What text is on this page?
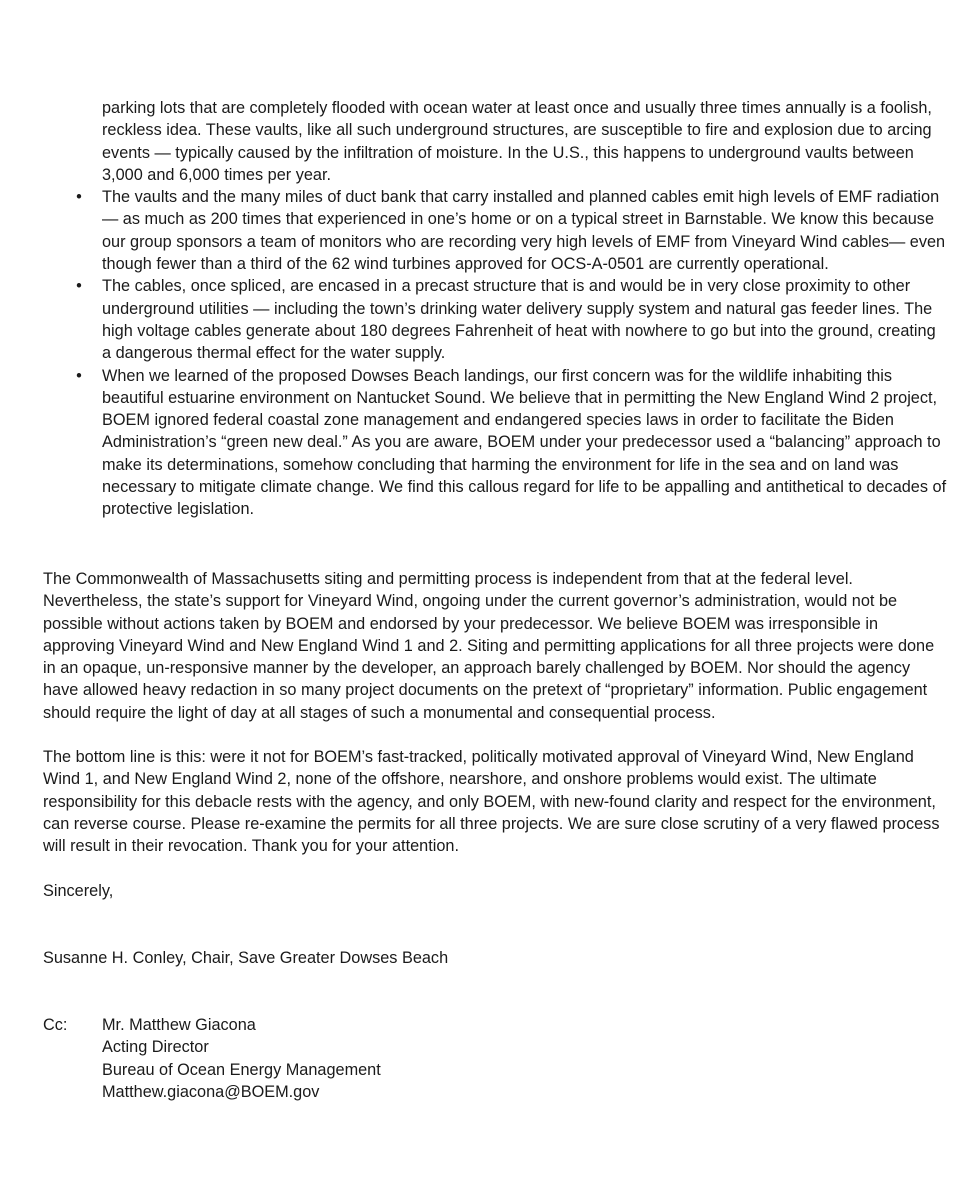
parking lots that are completely flooded with ocean water at least once and usually three times annually is a foolish, reckless idea. These vaults, like all such underground structures, are susceptible to fire and explosion due to arcing events — typically caused by the infiltration of moisture. In the U.S., this happens to underground vaults between 3,000 and 6,000 times per year.

• The vaults and the many miles of duct bank that carry installed and planned cables emit high levels of EMF radiation — as much as 200 times that experienced in one’s home or on a typical street in Barnstable. We know this because our group sponsors a team of monitors who are recording very high levels of EMF from Vineyard Wind cables— even though fewer than a third of the 62 wind turbines approved for OCS-A-0501 are currently operational.

• The cables, once spliced, are encased in a precast structure that is and would be in very close proximity to other underground utilities — including the town’s drinking water delivery supply system and natural gas feeder lines. The high voltage cables generate about 180 degrees Fahrenheit of heat with nowhere to go but into the ground, creating a dangerous thermal effect for the water supply.

• When we learned of the proposed Dowses Beach landings, our first concern was for the wildlife inhabiting this beautiful estuarine environment on Nantucket Sound. We believe that in permitting the New England Wind 2 project, BOEM ignored federal coastal zone management and endangered species laws in order to facilitate the Biden Administration’s “green new deal.” As you are aware, BOEM under your predecessor used a “balancing” approach to make its determinations, somehow concluding that harming the environment for life in the sea and on land was necessary to mitigate climate change. We find this callous regard for life to be appalling and antithetical to decades of protective legislation.

The Commonwealth of Massachusetts siting and permitting process is independent from that at the federal level. Nevertheless, the state’s support for Vineyard Wind, ongoing under the current governor’s administration, would not be possible without actions taken by BOEM and endorsed by your predecessor. We believe BOEM was irresponsible in approving Vineyard Wind and New England Wind 1 and 2. Siting and permitting applications for all three projects were done in an opaque, un-responsive manner by the developer, an approach barely challenged by BOEM. Nor should the agency have allowed heavy redaction in so many project documents on the pretext of “proprietary” information. Public engagement should require the light of day at all stages of such a monumental and consequential process.

The bottom line is this: were it not for BOEM’s fast-tracked, politically motivated approval of Vineyard Wind, New England Wind 1, and New England Wind 2, none of the offshore, nearshore, and onshore problems would exist. The ultimate responsibility for this debacle rests with the agency, and only BOEM, with new-found clarity and respect for the environment, can reverse course. Please re-examine the permits for all three projects. We are sure close scrutiny of a very flawed process will result in their revocation. Thank you for your attention.

Sincerely,

Susanne H. Conley, Chair, Save Greater Dowses Beach

Cc:	Mr. Matthew Giacona
Acting Director
Bureau of Ocean Energy Management
Matthew.giacona@BOEM.gov
